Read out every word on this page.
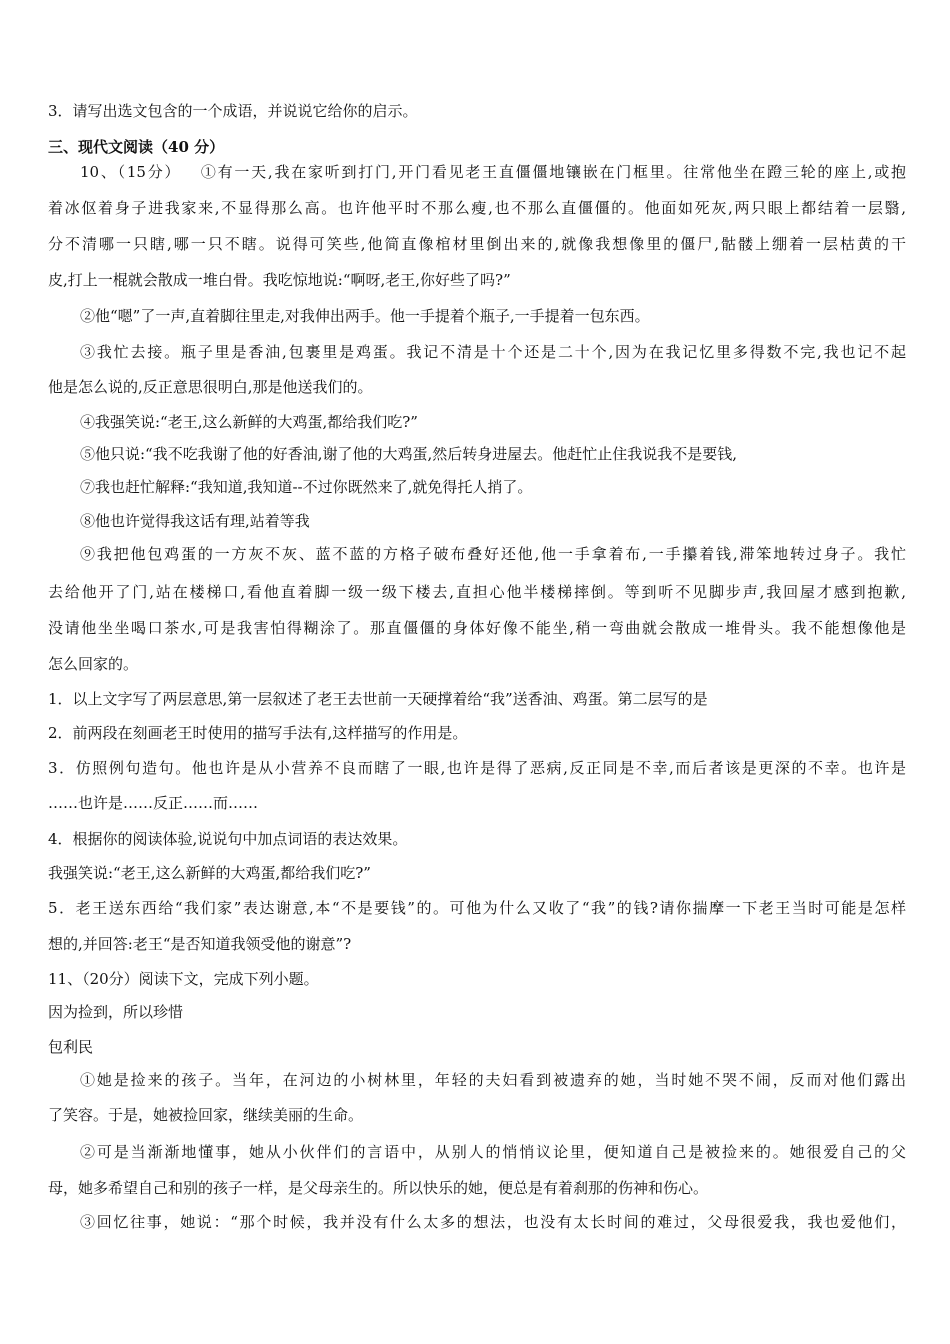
3．请写出选文包含的一个成语，并说说它给你的启示。
三、现代文阅读（40 分）
10、（15分） ①有一天,我在家听到打门,开门看见老王直僵僵地镶嵌在门框里。往常他坐在蹬三轮的座上,或抱
着冰伛着身子进我家来,不显得那么高。也许他平时不那么瘦,也不那么直僵僵的。他面如死灰,两只眼上都结着一层翳,
分不清哪一只瞎,哪一只不瞎。说得可笑些,他简直像棺材里倒出来的,就像我想像里的僵尸,骷髅上绷着一层枯黄的干
皮,打上一棍就会散成一堆白骨。我吃惊地说:“啊呀,老王,你好些了吗?”
②他“嗯”了一声,直着脚往里走,对我伸出两手。他一手提着个瓶子,一手提着一包东西。
③我忙去接。瓶子里是香油,包裹里是鸡蛋。我记不清是十个还是二十个,因为在我记忆里多得数不完,我也记不起
他是怎么说的,反正意思很明白,那是他送我们的。
④我强笑说:“老王,这么新鲜的大鸡蛋,都给我们吃?”
⑤他只说:“我不吃我谢了他的好香油,谢了他的大鸡蛋,然后转身进屋去。他赶忙止住我说我不是要钱,
⑦我也赶忙解释:“我知道,我知道--不过你既然来了,就免得托人捎了。
⑧他也许觉得我这话有理,站着等我
⑨我把他包鸡蛋的一方灰不灰、蓝不蓝的方格子破布叠好还他,他一手拿着布,一手攥着钱,滞笨地转过身子。我忙
去给他开了门,站在楼梯口,看他直着脚一级一级下楼去,直担心他半楼梯摔倒。等到听不见脚步声,我回屋才感到抱歉,
没请他坐坐喝口茶水,可是我害怕得糊涂了。那直僵僵的身体好像不能坐,稍一弯曲就会散成一堆骨头。我不能想像他是
怎么回家的。
1．以上文字写了两层意思,第一层叙述了老王去世前一天硬撑着给“我”送香油、鸡蛋。第二层写的是
2．前两段在刻画老王时使用的描写手法有,这样描写的作用是。
3．仿照例句造句。他也许是从小营养不良而瞎了一眼,也许是得了恶病,反正同是不幸,而后者该是更深的不幸。也许是
……也许是……反正……而……
4．根据你的阅读体验,说说句中加点词语的表达效果。
我强笑说:“老王,这么新鲜的大鸡蛋,都给我们吃?”
5．老王送东西给“我们家”表达谢意,本“不是要钱”的。可他为什么又收了“我”的钱?请你揣摩一下老王当时可能是怎样
想的,并回答:老王“是否知道我领受他的谢意”?
11、（20分）阅读下文，完成下列小题。
因为捡到，所以珍惜
包利民
①她是捡来的孩子。当年，在河边的小树林里，年轻的夫妇看到被遗弃的她，当时她不哭不闹，反而对他们露出
了笑容。于是，她被捡回家，继续美丽的生命。
②可是当渐渐地懂事，她从小伙伴们的言语中，从别人的悄悄议论里，便知道自己是被捡来的。她很爱自己的父
母，她多希望自己和别的孩子一样，是父母亲生的。所以快乐的她，便总是有着刹那的伤神和伤心。
③回忆往事，她说：“那个时候，我并没有什么太多的想法，也没有太长时间的难过，父母很爱我，我也爱他们，
